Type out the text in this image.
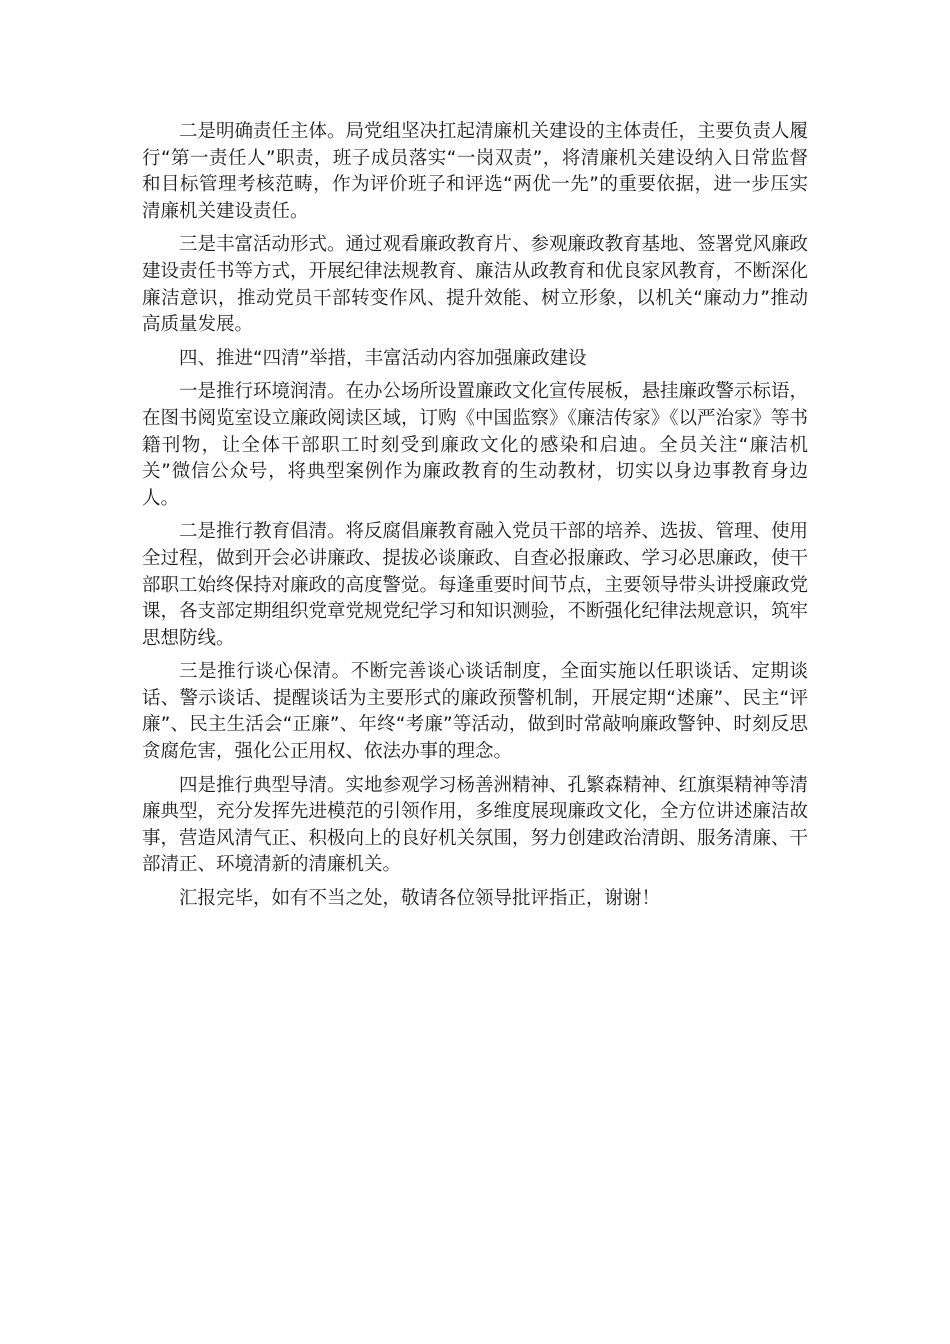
二是明确责任主体。局党组坚决扛起清廉机关建设的主体责任，主要负责人履行“第一责任人”职责，班子成员落实“一岗双责”，将清廉机关建设纳入日常监督和目标管理考核范畴，作为评价班子和评选“两优一先”的重要依据，进一步压实清廉机关建设责任。

三是丰富活动形式。通过观看廉政教育片、参观廉政教育基地、签署党风廉政建设责任书等方式，开展纪律法规教育、廉洁从政教育和优良家风教育，不断深化廉洁意识，推动党员干部转变作风、提升效能、树立形象，以机关“廉动力”推动高质量发展。

四、推进“四清”举措，丰富活动内容加强廉政建设

一是推行环境润清。在办公场所设置廉政文化宣传展板，悬挂廉政警示标语，在图书阅览室设立廉政阅读区域，订购《中国监察》《廉洁传家》《以严治家》等书籍刊物，让全体干部职工时刻受到廉政文化的感染和启迪。全员关注“廉洁机关”微信公众号，将典型案例作为廉政教育的生动教材，切实以身边事教育身边人。

二是推行教育倡清。将反腐倡廉教育融入党员干部的培养、选拔、管理、使用全过程，做到开会必讲廉政、提拔必谈廉政、自查必报廉政、学习必思廉政，使干部职工始终保持对廉政的高度警觉。每逢重要时间节点，主要领导带头讲授廉政党课，各支部定期组织党章党规党纪学习和知识测验，不断强化纪律法规意识，筑牢思想防线。

三是推行谈心保清。不断完善谈心谈话制度，全面实施以任职谈话、定期谈话、警示谈话、提醒谈话为主要形式的廉政预警机制，开展定期“述廉”、民主“评廉”、民主生活会“正廉”、年终“考廉”等活动，做到时常敲响廉政警钟、时刻反思贪腐危害，强化公正用权、依法办事的理念。

四是推行典型导清。实地参观学习杨善洲精神、孔繁森精神、红旗渠精神等清廉典型，充分发挥先进模范的引领作用，多维度展现廉政文化，全方位讲述廉洁故事，营造风清气正、积极向上的良好机关氛围，努力创建政治清朗、服务清廉、干部清正、环境清新的清廉机关。

汇报完毕，如有不当之处，敬请各位领导批评指正，谢谢！
